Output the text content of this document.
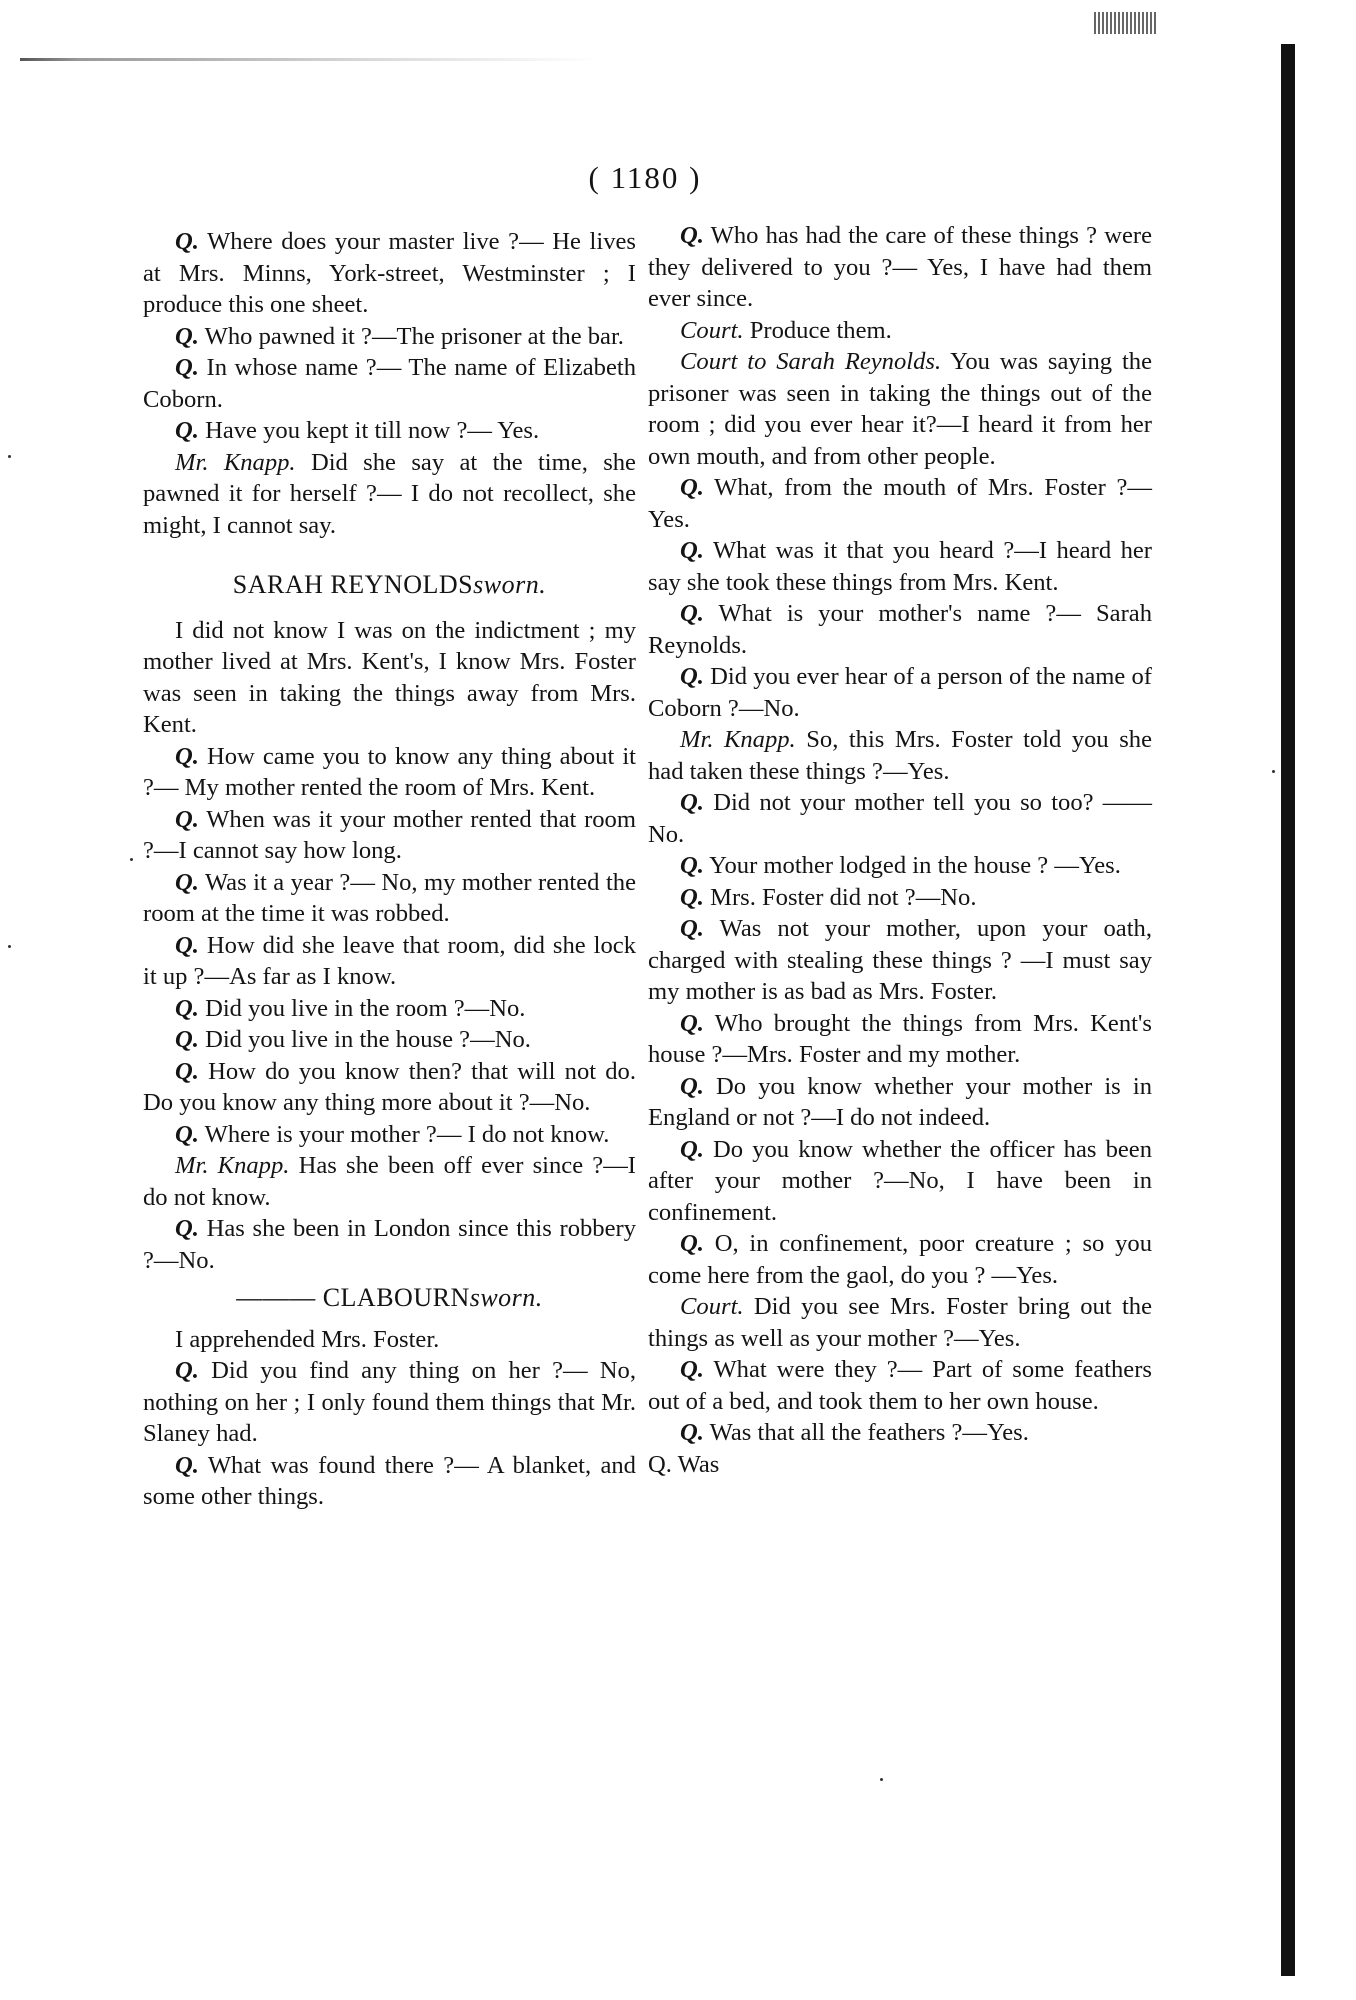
( 1180 )

Q. Where does your master live ?— He lives at Mrs. Minns, York-street, Westminster ; I produce this one sheet.

Q. Who pawned it ?—The prisoner at the bar.

Q. In whose name ?— The name of Elizabeth Coborn.

Q. Have you kept it till now ?— Yes.

Mr. Knapp. Did she say at the time, she pawned it for herself ?— I do not recollect, she might, I cannot say.

SARAH REYNOLDSsworn.

I did not know I was on the indictment ; my mother lived at Mrs. Kent's, I know Mrs. Foster was seen in taking the things away from Mrs. Kent.

Q. How came you to know any thing about it ?— My mother rented the room of Mrs. Kent.

Q. When was it your mother rented that room ?—I cannot say how long.

Q. Was it a year ?— No, my mother rented the room at the time it was robbed.

Q. How did she leave that room, did she lock it up ?—As far as I know.

Q. Did you live in the room ?—No.

Q. Did you live in the house ?—No.

Q. How do you know then? that will not do. Do you know any thing more about it ?—No.

Q. Where is your mother ?— I do not know.

Mr. Knapp. Has she been off ever since ?—I do not know.

Q. Has she been in London since this robbery ?—No.

——— CLABOURNsworn.

I apprehended Mrs. Foster.

Q. Did you find any thing on her ?— No, nothing on her ; I only found them things that Mr. Slaney had.

Q. What was found there ?— A blanket, and some other things.

Q. Who has had the care of these things ? were they delivered to you ?— Yes, I have had them ever since.

Court. Produce them.

Court to Sarah Reynolds. You was saying the prisoner was seen in taking the things out of the room ; did you ever hear it?—I heard it from her own mouth, and from other people.

Q. What, from the mouth of Mrs. Foster ?—Yes.

Q. What was it that you heard ?—I heard her say she took these things from Mrs. Kent.

Q. What is your mother's name ?— Sarah Reynolds.

Q. Did you ever hear of a person of the name of Coborn ?—No.

Mr. Knapp. So, this Mrs. Foster told you she had taken these things ?—Yes.

Q. Did not your mother tell you so too? ——No.

Q. Your mother lodged in the house ? —Yes.

Q. Mrs. Foster did not ?—No.

Q. Was not your mother, upon your oath, charged with stealing these things ? —I must say my mother is as bad as Mrs. Foster.

Q. Who brought the things from Mrs. Kent's house ?—Mrs. Foster and my mother.

Q. Do you know whether your mother is in England or not ?—I do not indeed.

Q. Do you know whether the officer has been after your mother ?—No, I have been in confinement.

Q. O, in confinement, poor creature ; so you come here from the gaol, do you ? —Yes.

Court. Did you see Mrs. Foster bring out the things as well as your mother ?—Yes.

Q. What were they ?— Part of some feathers out of a bed, and took them to her own house.

Q. Was that all the feathers ?—Yes.

Q. Was
